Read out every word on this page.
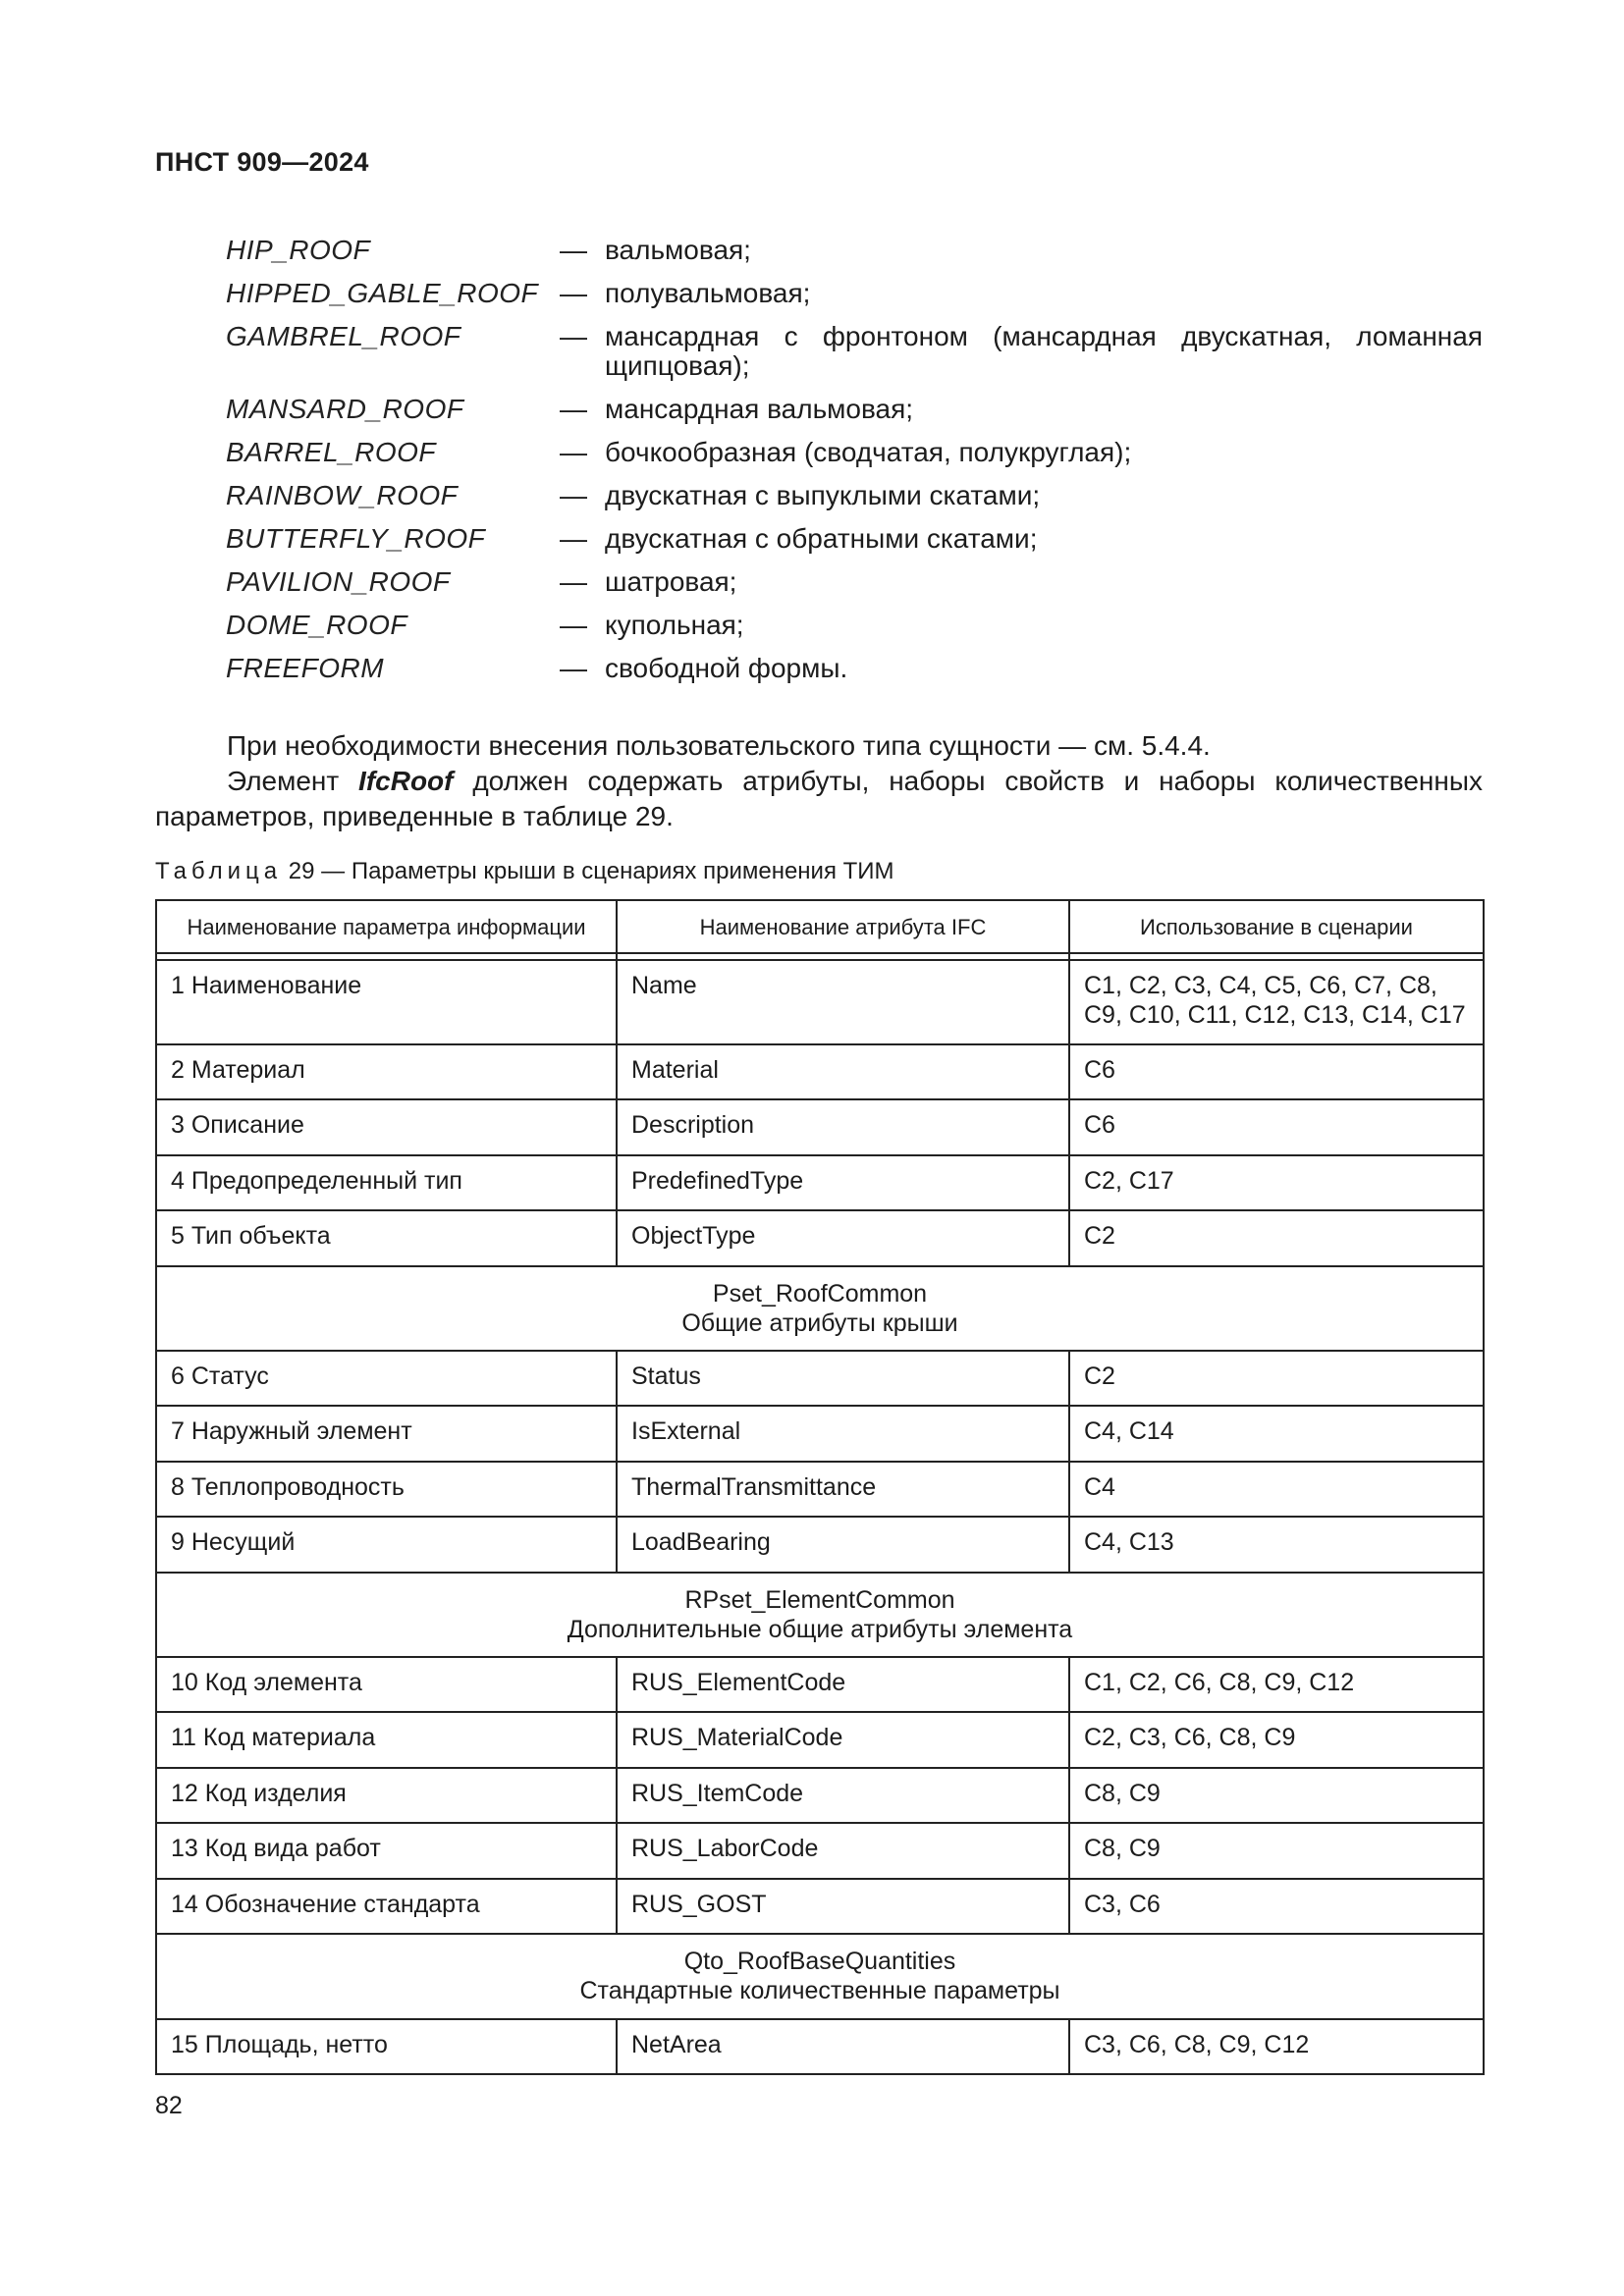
ПНСТ 909—2024
HIP_ROOF	— вальмовая;
HIPPED_GABLE_ROOF — полувальмовая;
GAMBREL_ROOF	— мансардная с фронтоном (мансардная двускатная, ломанная щипцовая);
MANSARD_ROOF	— мансардная вальмовая;
BARREL_ROOF	— бочкообразная (сводчатая, полукруглая);
RAINBOW_ROOF	— двускатная с выпуклыми скатами;
BUTTERFLY_ROOF	— двускатная с обратными скатами;
PAVILION_ROOF	— шатровая;
DOME_ROOF	— купольная;
FREEFORM	— свободной формы.
При необходимости внесения пользовательского типа сущности — см. 5.4.4.
Элемент IfcRoof должен содержать атрибуты, наборы свойств и наборы количественных параметров, приведенные в таблице 29.
Таблица 29 — Параметры крыши в сценариях применения ТИМ
Наименование параметра информации	Наименование атрибута IFC	Использование в сценарии

1 Наименование	Name	С1, С2, С3, С4, С5, С6, С7, С8, С9, С10, С11, С12, С13, С14, С17
2 Материал	Material	С6
3 Описание	Description	С6
4 Предопределенный тип	PredefinedType	С2, С17
5 Тип объекта	ObjectType	С2

Pset_RoofCommon
Общие атрибуты крыши		

6 Статус	Status	С2
7 Наружный элемент	IsExternal	С4, С14
8 Теплопроводность	ThermalTransmittance	С4
9 Несущий	LoadBearing	С4, С13

RPset_ElementCommon
Дополнительные общие атрибуты элемента		

10 Код элемента	RUS_ElementCode	С1, С2, С6, С8, С9, С12
11 Код материала	RUS_MaterialCode	С2, С3, С6, С8, С9
12 Код изделия	RUS_ItemCode	С8, С9
13 Код вида работ	RUS_LaborCode	С8, С9
14 Обозначение стандарта	RUS_GOST	С3, С6

Qto_RoofBaseQuantities
Стандартные количественные параметры		

15 Площадь, нетто	NetArea	С3, С6, С8, С9, С12
82
